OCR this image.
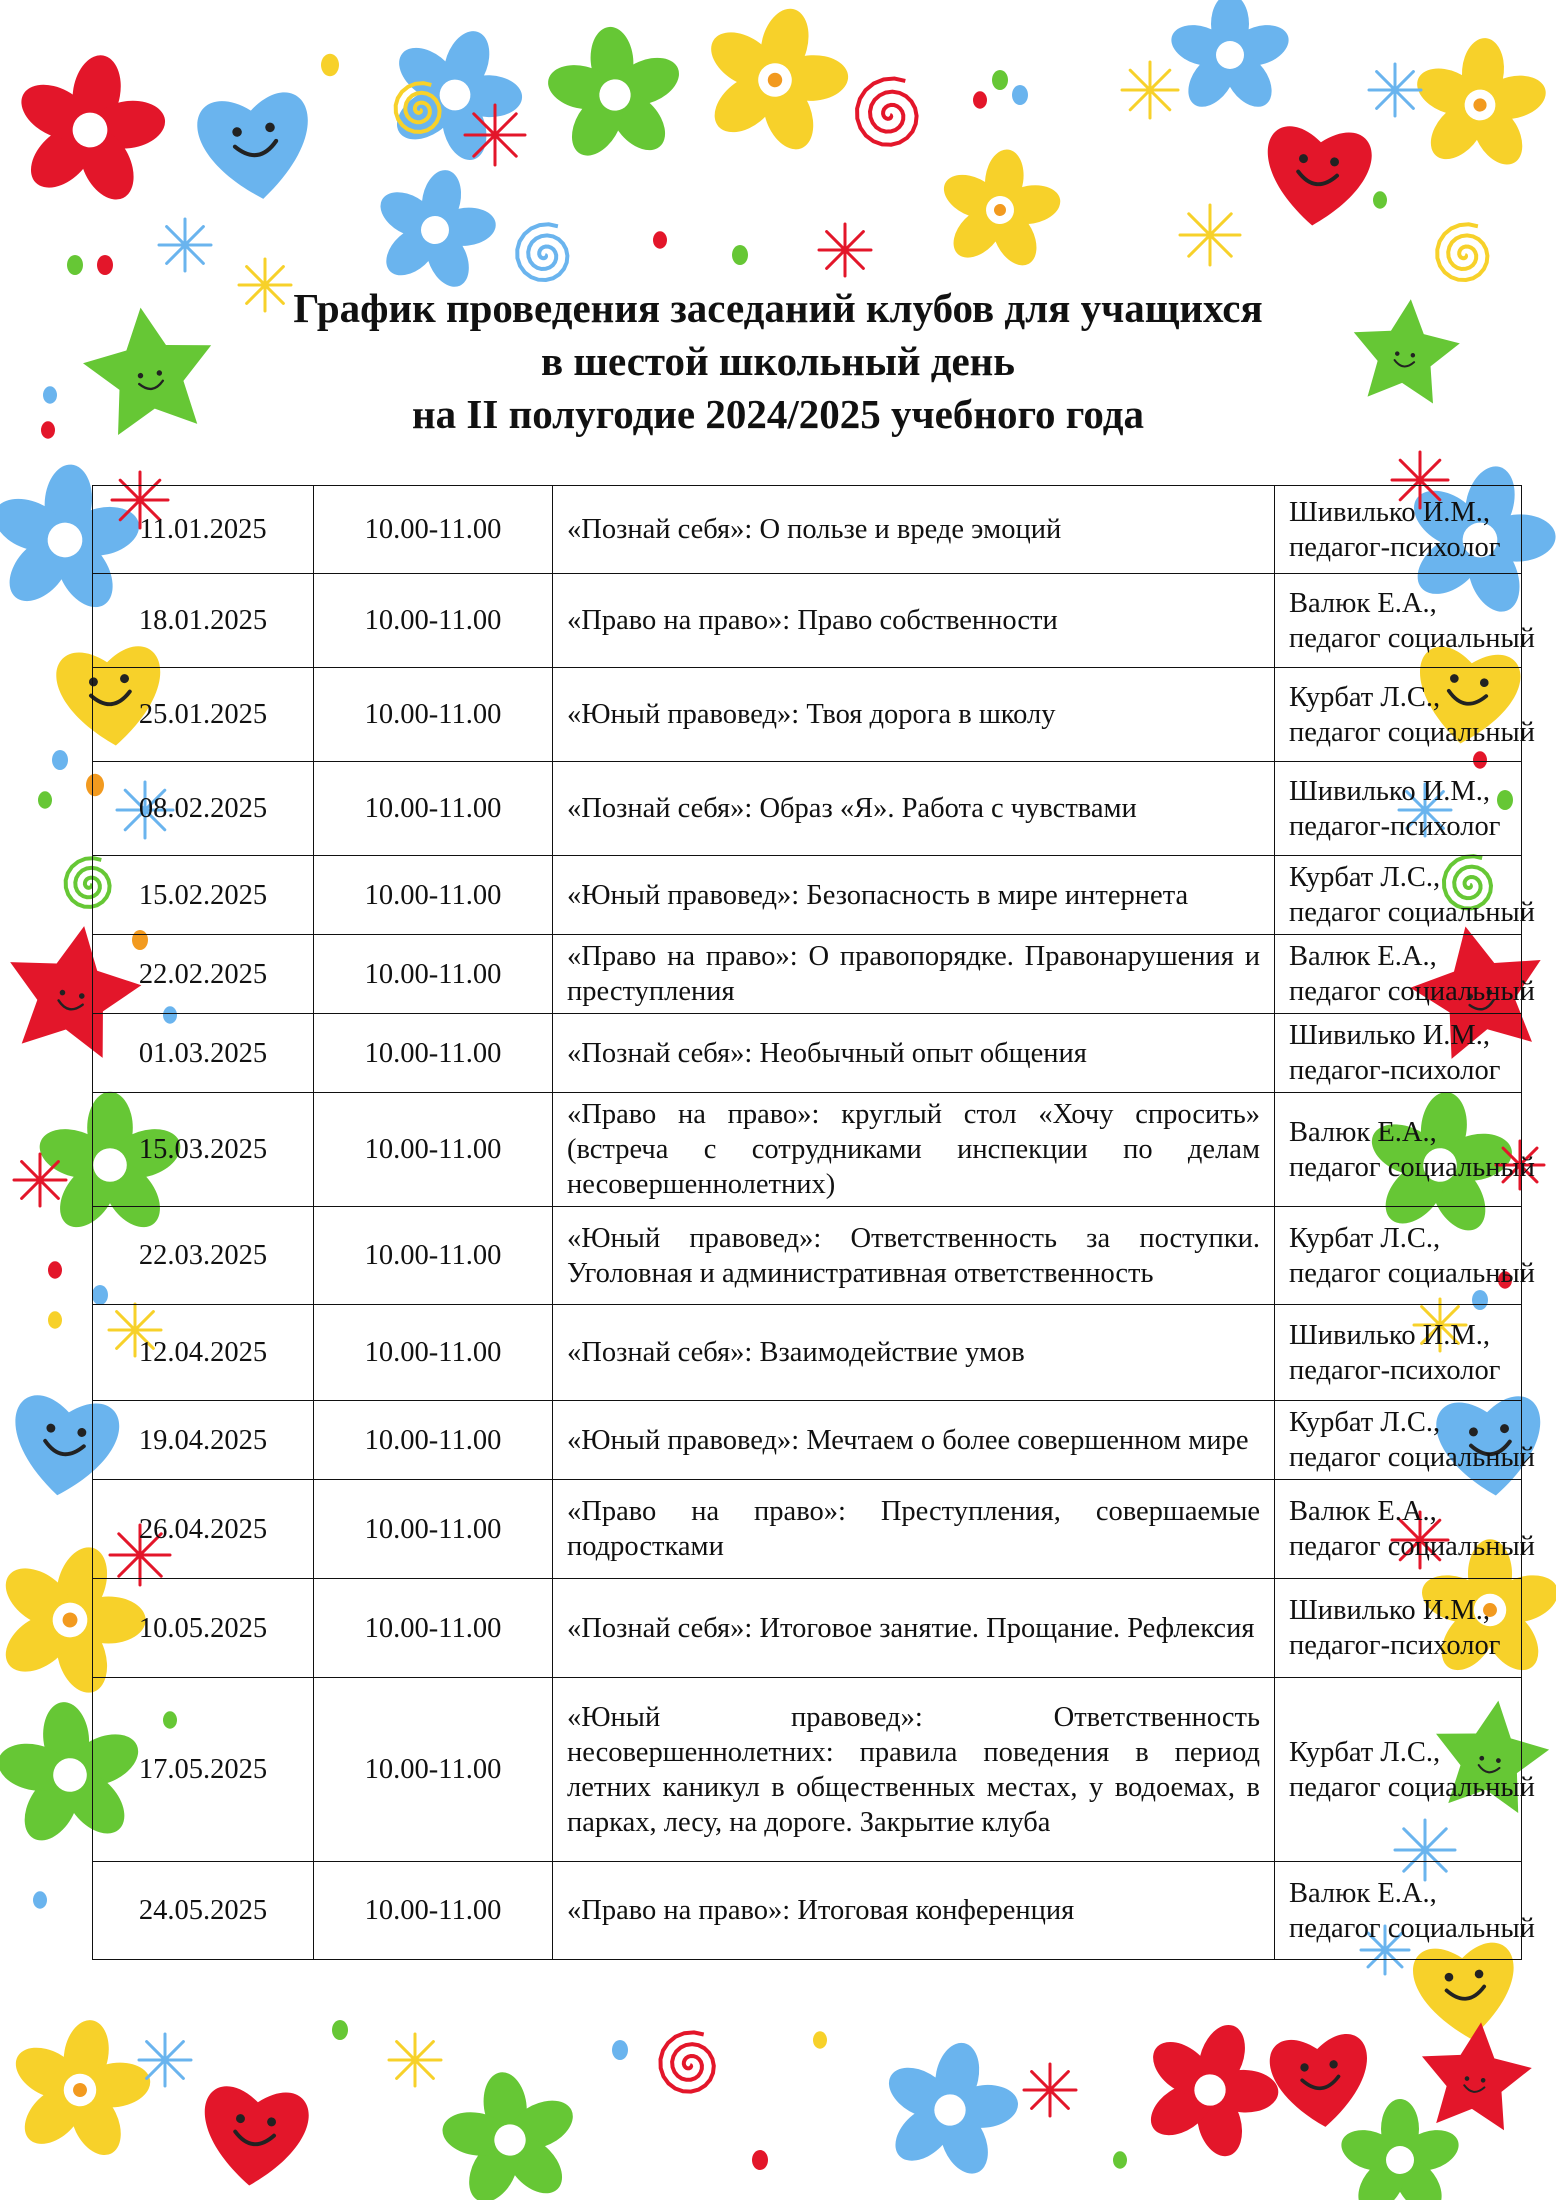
График проведения заседаний клубов для учащихся
в шестой школьный день
на II полугодие 2024/2025 учебного года
11.01.2025	10.00-11.00	«Познай себя»: О пользе и вреде эмоций	Шивилько И.М.,
педагог-психолог

18.01.2025	10.00-11.00	«Право на право»: Право собственности	Валюк Е.А.,
педагог социальный

25.01.2025	10.00-11.00	«Юный правовед»: Твоя дорога в школу	Курбат Л.С.,
педагог социальный

08.02.2025	10.00-11.00	«Познай себя»: Образ «Я». Работа с чувствами	Шивилько И.М.,
педагог-психолог

15.02.2025	10.00-11.00	«Юный правовед»: Безопасность в мире интернета	Курбат Л.С.,
педагог социальный

22.02.2025	10.00-11.00	«Право на право»: О правопорядке. Правонарушения и преступления	Валюк Е.А.,
педагог социальный

01.03.2025	10.00-11.00	«Познай себя»: Необычный опыт общения	Шивилько И.М.,
педагог-психолог

15.03.2025	10.00-11.00	«Право на право»: круглый стол «Хочу спросить» (встреча с сотрудниками инспекции по делам несовершеннолетних)	Валюк Е.А.,
педагог социальный

22.03.2025	10.00-11.00	«Юный правовед»: Ответственность за поступки. Уголовная и административная ответственность	Курбат Л.С.,
педагог социальный

12.04.2025	10.00-11.00	«Познай себя»: Взаимодействие умов	Шивилько И.М.,
педагог-психолог

19.04.2025	10.00-11.00	«Юный правовед»: Мечтаем о более совершенном мире	Курбат Л.С.,
педагог социальный

26.04.2025	10.00-11.00	«Право на право»: Преступления, совершаемые подростками	Валюк Е.А.,
педагог социальный

10.05.2025	10.00-11.00	«Познай себя»: Итоговое занятие. Прощание. Рефлексия	Шивилько И.М.,
педагог-психолог

17.05.2025	10.00-11.00	«Юный правовед»: Ответственность несовершеннолетних: правила поведения в период летних каникул в общественных местах, у водоемах, в парках, лесу, на дороге. Закрытие клуба	Курбат Л.С.,
педагог социальный

24.05.2025	10.00-11.00	«Право на право»: Итоговая конференция	Валюк Е.А.,
педагог социальный
